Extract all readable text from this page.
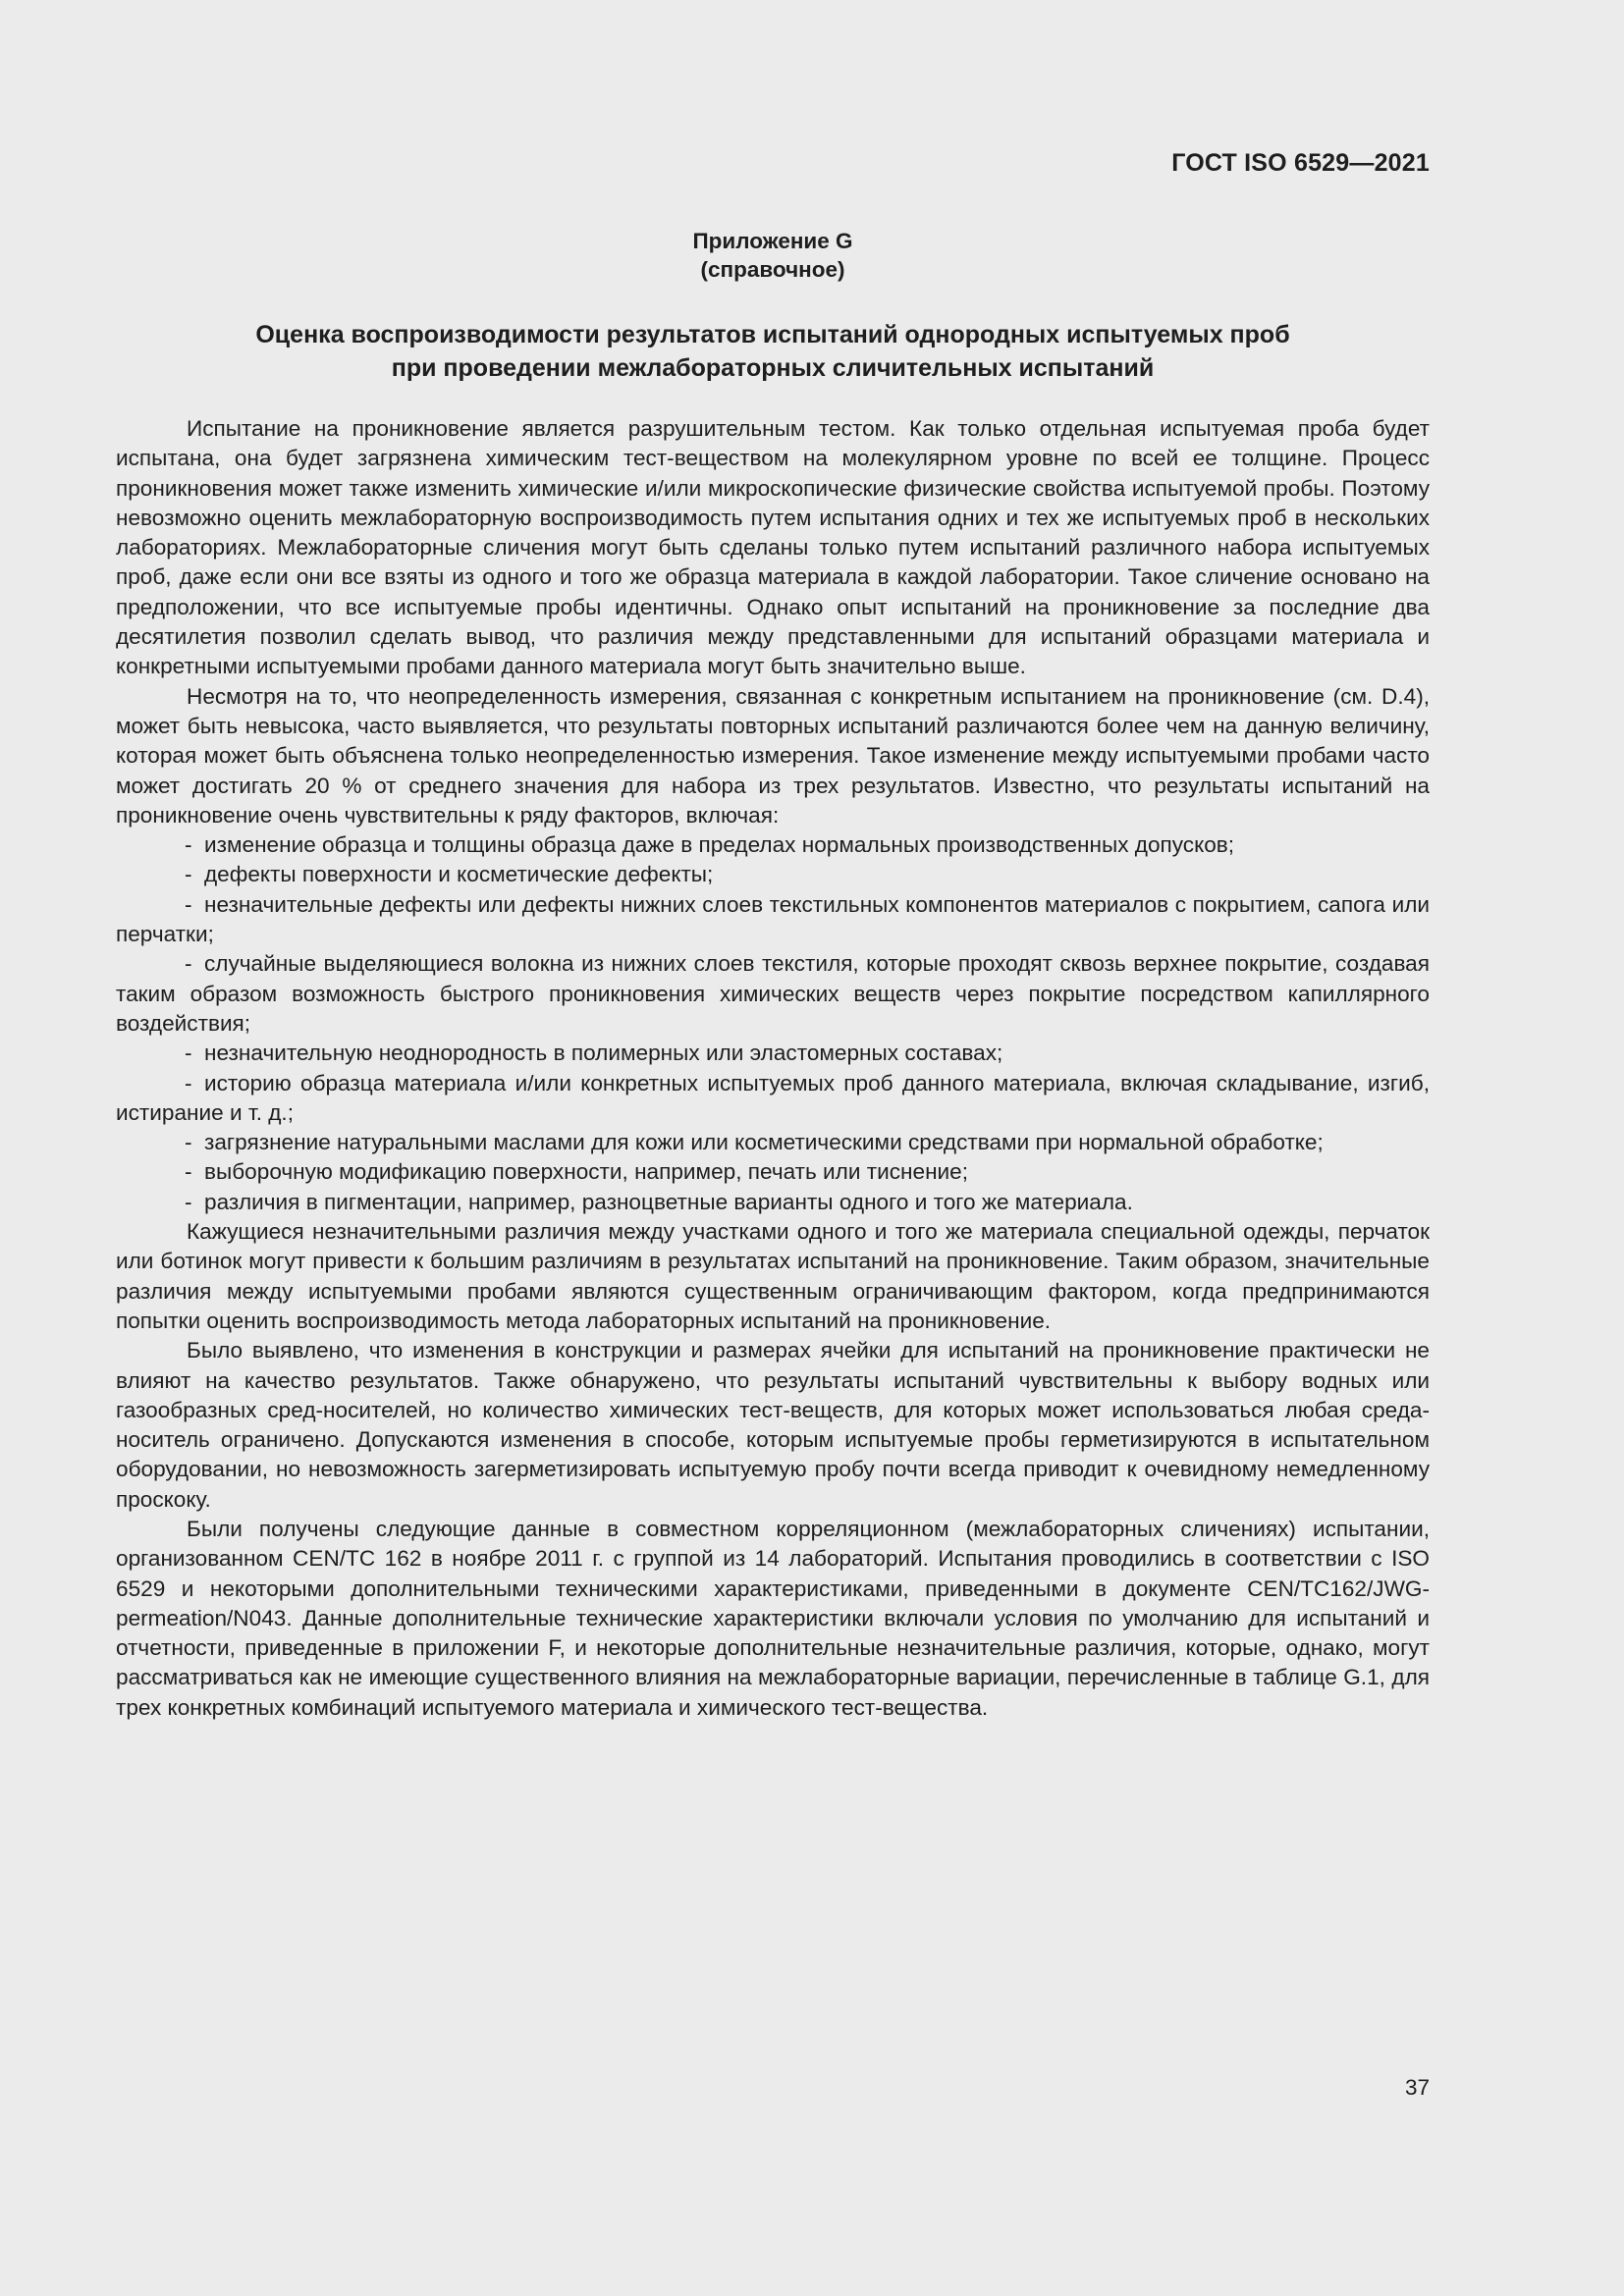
ГОСТ ISO 6529—2021
Приложение G
(справочное)
Оценка воспроизводимости результатов испытаний однородных испытуемых проб
при проведении межлабораторных сличительных испытаний

Испытание на проникновение является разрушительным тестом. Как только отдельная испытуемая проба будет испытана, она будет загрязнена химическим тест-веществом на молекулярном уровне по всей ее толщине. Процесс проникновения может также изменить химические и/или микроскопические физические свойства испытуемой пробы. Поэтому невозможно оценить межлабораторную воспроизводимость путем испытания одних и тех же испытуемых проб в нескольких лабораториях. Межлабораторные сличения могут быть сделаны только путем испытаний различного набора испытуемых проб, даже если они все взяты из одного и того же образца материала в каждой лаборатории. Такое сличение основано на предположении, что все испытуемые пробы идентичны. Однако опыт испытаний на проникновение за последние два десятилетия позволил сделать вывод, что различия между представленными для испытаний образцами материала и конкретными испытуемыми пробами данного материала могут быть значительно выше.

Несмотря на то, что неопределенность измерения, связанная с конкретным испытанием на проникновение (см. D.4), может быть невысока, часто выявляется, что результаты повторных испытаний различаются более чем на данную величину, которая может быть объяснена только неопределенностью измерения. Такое изменение между испытуемыми пробами часто может достигать 20 % от среднего значения для набора из трех результатов. Известно, что результаты испытаний на проникновение очень чувствительны к ряду факторов, включая:

- изменение образца и толщины образца даже в пределах нормальных производственных допусков;

- дефекты поверхности и косметические дефекты;

- незначительные дефекты или дефекты нижних слоев текстильных компонентов материалов с покрытием, сапога или перчатки;

- случайные выделяющиеся волокна из нижних слоев текстиля, которые проходят сквозь верхнее покрытие, создавая таким образом возможность быстрого проникновения химических веществ через покрытие посредством капиллярного воздействия;

- незначительную неоднородность в полимерных или эластомерных составах;

- историю образца материала и/или конкретных испытуемых проб данного материала, включая складывание, изгиб, истирание и т. д.;

- загрязнение натуральными маслами для кожи или косметическими средствами при нормальной обработке;

- выборочную модификацию поверхности, например, печать или тиснение;

- различия в пигментации, например, разноцветные варианты одного и того же материала.

Кажущиеся незначительными различия между участками одного и того же материала специальной одежды, перчаток или ботинок могут привести к большим различиям в результатах испытаний на проникновение. Таким образом, значительные различия между испытуемыми пробами являются существенным ограничивающим фактором, когда предпринимаются попытки оценить воспроизводимость метода лабораторных испытаний на проникновение.

Было выявлено, что изменения в конструкции и размерах ячейки для испытаний на проникновение практически не влияют на качество результатов. Также обнаружено, что результаты испытаний чувствительны к выбору водных или газообразных сред-носителей, но количество химических тест-веществ, для которых может использоваться любая среда-носитель ограничено. Допускаются изменения в способе, которым испытуемые пробы герметизируются в испытательном оборудовании, но невозможность загерметизировать испытуемую пробу почти всегда приводит к очевидному немедленному проскоку.

Были получены следующие данные в совместном корреляционном (межлабораторных сличениях) испытании, организованном CEN/TC 162 в ноябре 2011 г. с группой из 14 лабораторий. Испытания проводились в соответствии с ISO 6529 и некоторыми дополнительными техническими характеристиками, приведенными в документе CEN/TC162/JWG-permeation/N043. Данные дополнительные технические характеристики включали условия по умолчанию для испытаний и отчетности, приведенные в приложении F, и некоторые дополнительные незначительные различия, которые, однако, могут рассматриваться как не имеющие существенного влияния на межлабораторные вариации, перечисленные в таблице G.1, для трех конкретных комбинаций испытуемого материала и химического тест-вещества.

37
